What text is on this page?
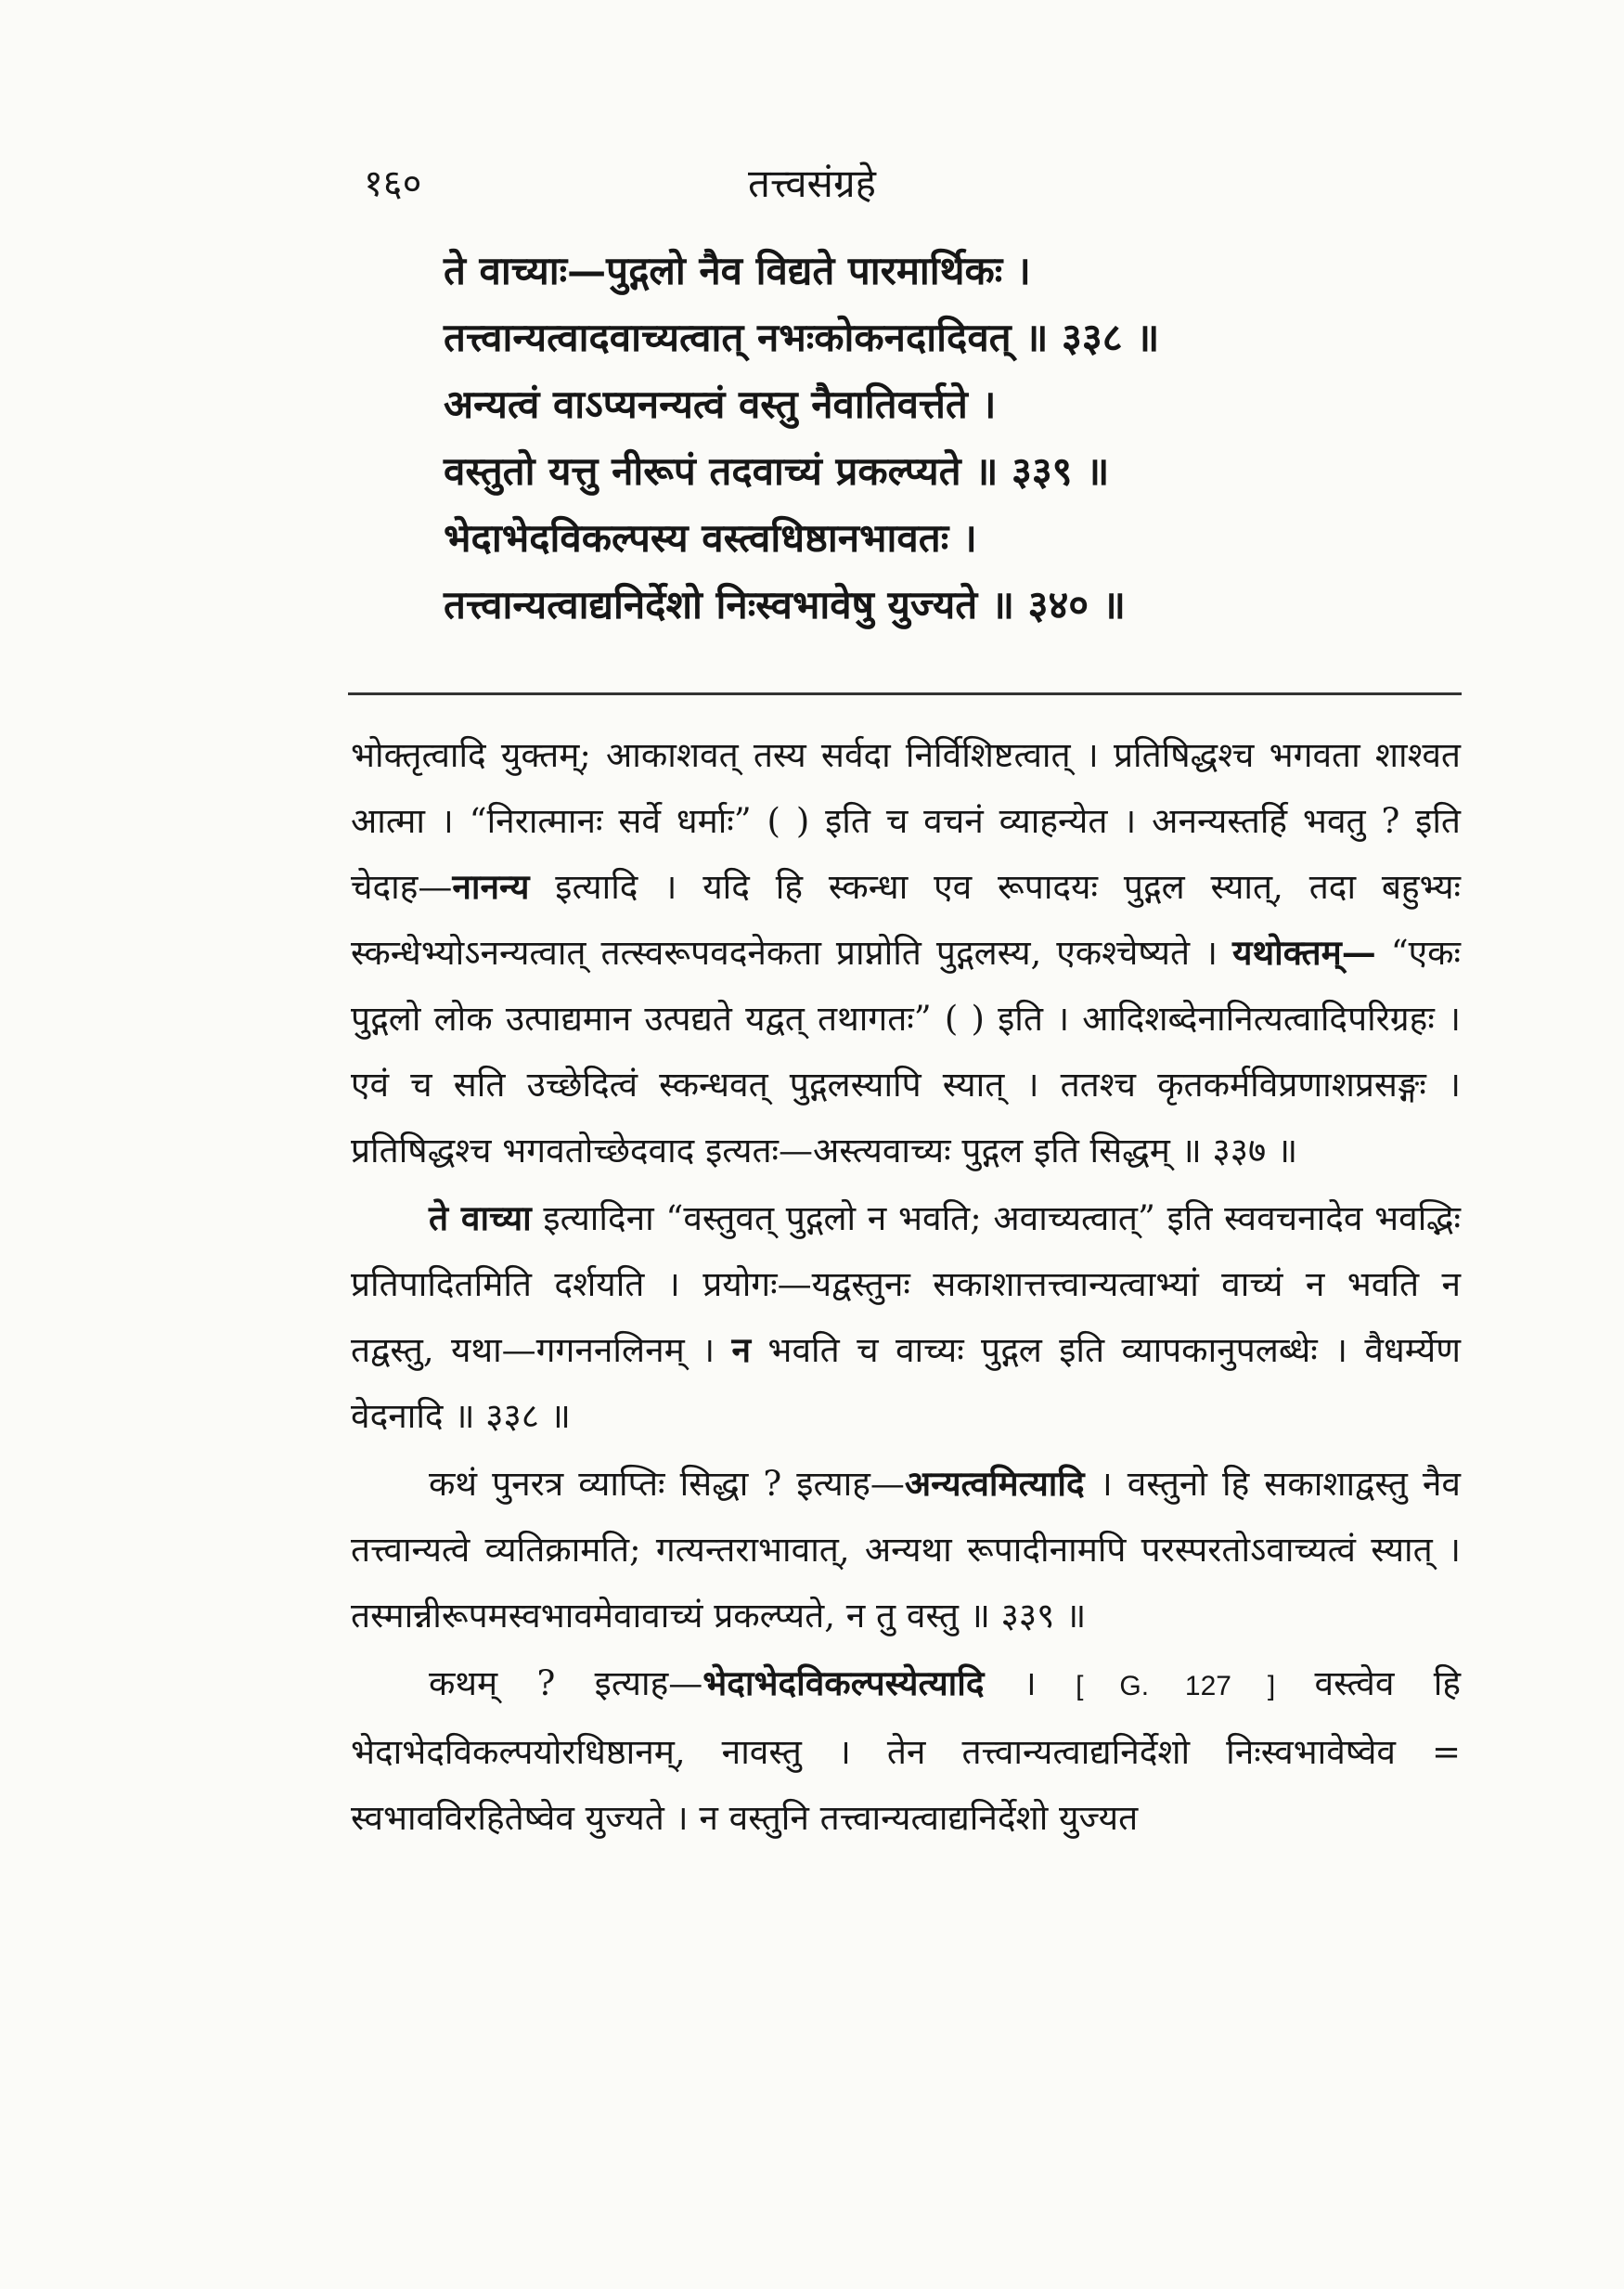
१६०	तत्त्वसंग्रहे
ते वाच्याः—पुद्गलो नैव विद्यते पारमार्थिकः ।
तत्त्वान्यत्वादवाच्यत्वात् नभःकोकनदादिवत् ॥ ३३८ ॥
अन्यत्वं वाऽप्यनन्यत्वं वस्तु नैवातिवर्त्तते ।
वस्तुतो यत्तु नीरूपं तदवाच्यं प्रकल्प्यते ॥ ३३९ ॥
भेदाभेदविकल्पस्य वस्त्वधिष्ठानभावतः ।
तत्त्वान्यत्वाद्यनिर्देशो निःस्वभावेषु युज्यते ॥ ३४० ॥

भोक्तृत्वादि युक्तम्; आकाशवत् तस्य सर्वदा निर्विशिष्टत्वात् । प्रतिषिद्धश्च भगवता शाश्वत आत्मा । “निरात्मानः सर्वे धर्माः” ( ) इति च वचनं व्याहन्येत । अनन्यस्तर्हि भवतु ? इति चेदाह—नानन्य इत्यादि । यदि हि स्कन्धा एव रूपादयः पुद्गल स्यात्, तदा बहुभ्यः स्कन्धेभ्योऽनन्यत्वात् तत्स्वरूपवदनेकता प्राप्नोति पुद्गलस्य, एकश्चेष्यते । यथोक्तम्— “एकः पुद्गलो लोक उत्पाद्यमान उत्पद्यते यद्वत् तथागतः” ( ) इति । आदिशब्देनानित्यत्वादिपरिग्रहः । एवं च सति उच्छेदित्वं स्कन्धवत् पुद्गलस्यापि स्यात् । ततश्च कृतकर्मविप्रणाशप्रसङ्गः । प्रतिषिद्धश्च भगवतोच्छेदवाद इत्यतः—अस्त्यवाच्यः पुद्गल इति सिद्धम् ॥ ३३७ ॥

ते वाच्या इत्यादिना “वस्तुवत् पुद्गलो न भवति; अवाच्यत्वात्” इति स्ववचनादेव भवद्भिः प्रतिपादितमिति दर्शयति । प्रयोगः—यद्वस्तुनः सकाशात्तत्त्वान्यत्वाभ्यां वाच्यं न भवति न तद्वस्तु, यथा—गगननलिनम् । न भवति च वाच्यः पुद्गल इति व्यापकानुपलब्धेः । वैधर्म्येण वेदनादि ॥ ३३८ ॥

कथं पुनरत्र व्याप्तिः सिद्धा ? इत्याह—अन्यत्वमित्यादि । वस्तुनो हि सकाशाद्वस्तु नैव तत्त्वान्यत्वे व्यतिक्रामति; गत्यन्तराभावात्, अन्यथा रूपादीनामपि परस्परतोऽवाच्यत्वं स्यात् । तस्मान्नीरूपमस्वभावमेवावाच्यं प्रकल्प्यते, न तु वस्तु ॥ ३३९ ॥

कथम् ? इत्याह—भेदाभेदविकल्पस्येत्यादि । [ G. 127 ] वस्त्वेव हि भेदाभेदविकल्पयोरधिष्ठानम्, नावस्तु । तेन तत्त्वान्यत्वाद्यनिर्देशो निःस्वभावेष्वेव = स्वभावविरहितेष्वेव युज्यते । न वस्तुनि तत्त्वान्यत्वाद्यनिर्देशो युज्यत
